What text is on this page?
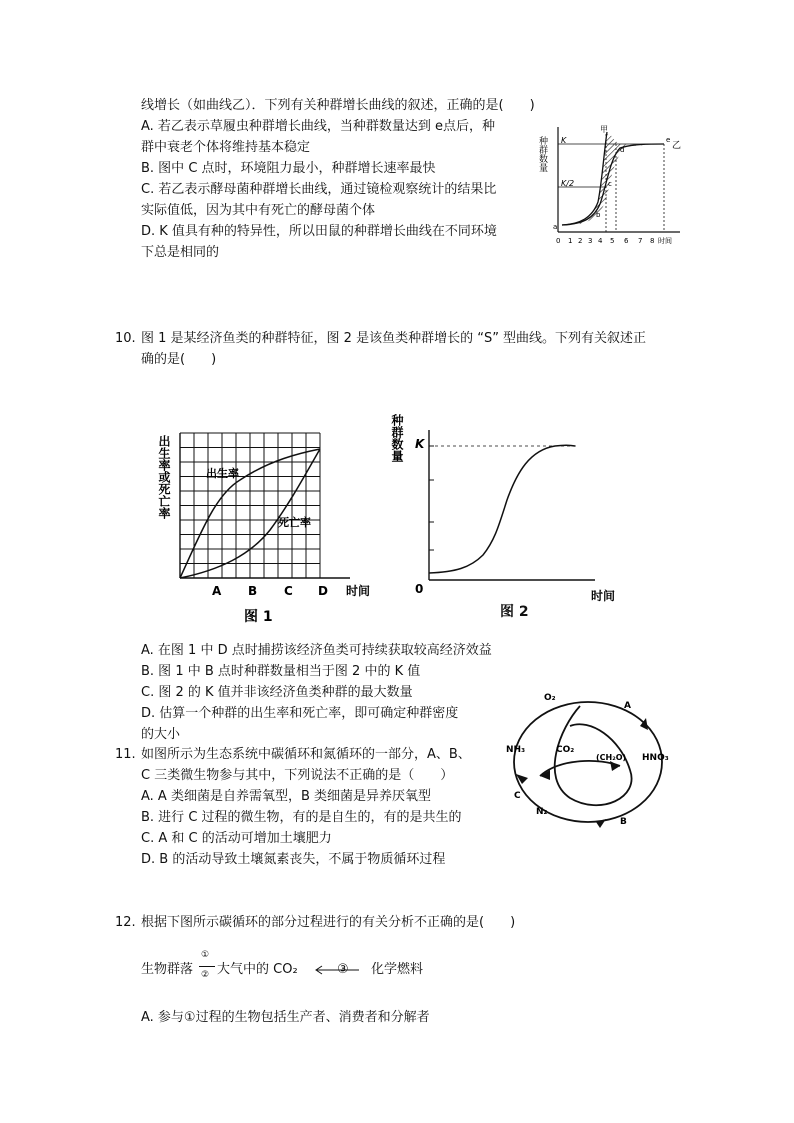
线增长（如曲线乙）．下列有关种群增长曲线的叙述，正确的是(　　)
A. 若乙表示草履虫种群增长曲线，当种群数量达到 e点后，种
群中衰老个体将维持基本稳定
B. 图中 C 点时，环境阻力最小，种群增长速率最快
C. 若乙表示酵母菌种群增长曲线，通过镜检观察统计的结果比
实际值低，因为其中有死亡的酵母菌个体
D. K 值具有种的特异性，所以田鼠的种群增长曲线在不同环境
下总是相同的
种群数量 K
K/2
甲
乙
a
b
c
d
e
0 1 2 3 4 5 6 7 8 时间
10. 图 1 是某经济鱼类的种群特征，图 2 是该鱼类种群增长的 “S” 型曲线。下列有关叙述正
确的是(　　)
出生率或死亡率	出生率
死亡率
A B C D 时间
图 1
种群数量 K
0	时间
图 2
A. 在图 1 中 D 点时捕捞该经济鱼类可持续获取较高经济效益
B. 图 1 中 B 点时种群数量相当于图 2 中的 K 值
C. 图 2 的 K 值并非该经济鱼类种群的最大数量
D. 估算一个种群的出生率和死亡率，即可确定种群密度
的大小
11. 如图所示为生态系统中碳循环和氮循环的一部分，A、B、
C 三类微生物参与其中，下列说法不正确的是（　　）
A. A 类细菌是自养需氧型，B 类细菌是异养厌氧型
B. 进行 C 过程的微生物，有的是自生的，有的是共生的
C. A 和 C 的活动可增加土壤肥力
D. B 的活动导致土壤氮素丧失，不属于物质循环过程
O₂
NH₃	CO₂
(CH₂O) HNO₃
N₂
A
B
C
12. 根据下图所示碳循环的部分过程进行的有关分析不正确的是(　　)
生物群落
①
② 大气中的 CO₂	③ 化学燃料
A. 参与①过程的生物包括生产者、消费者和分解者
